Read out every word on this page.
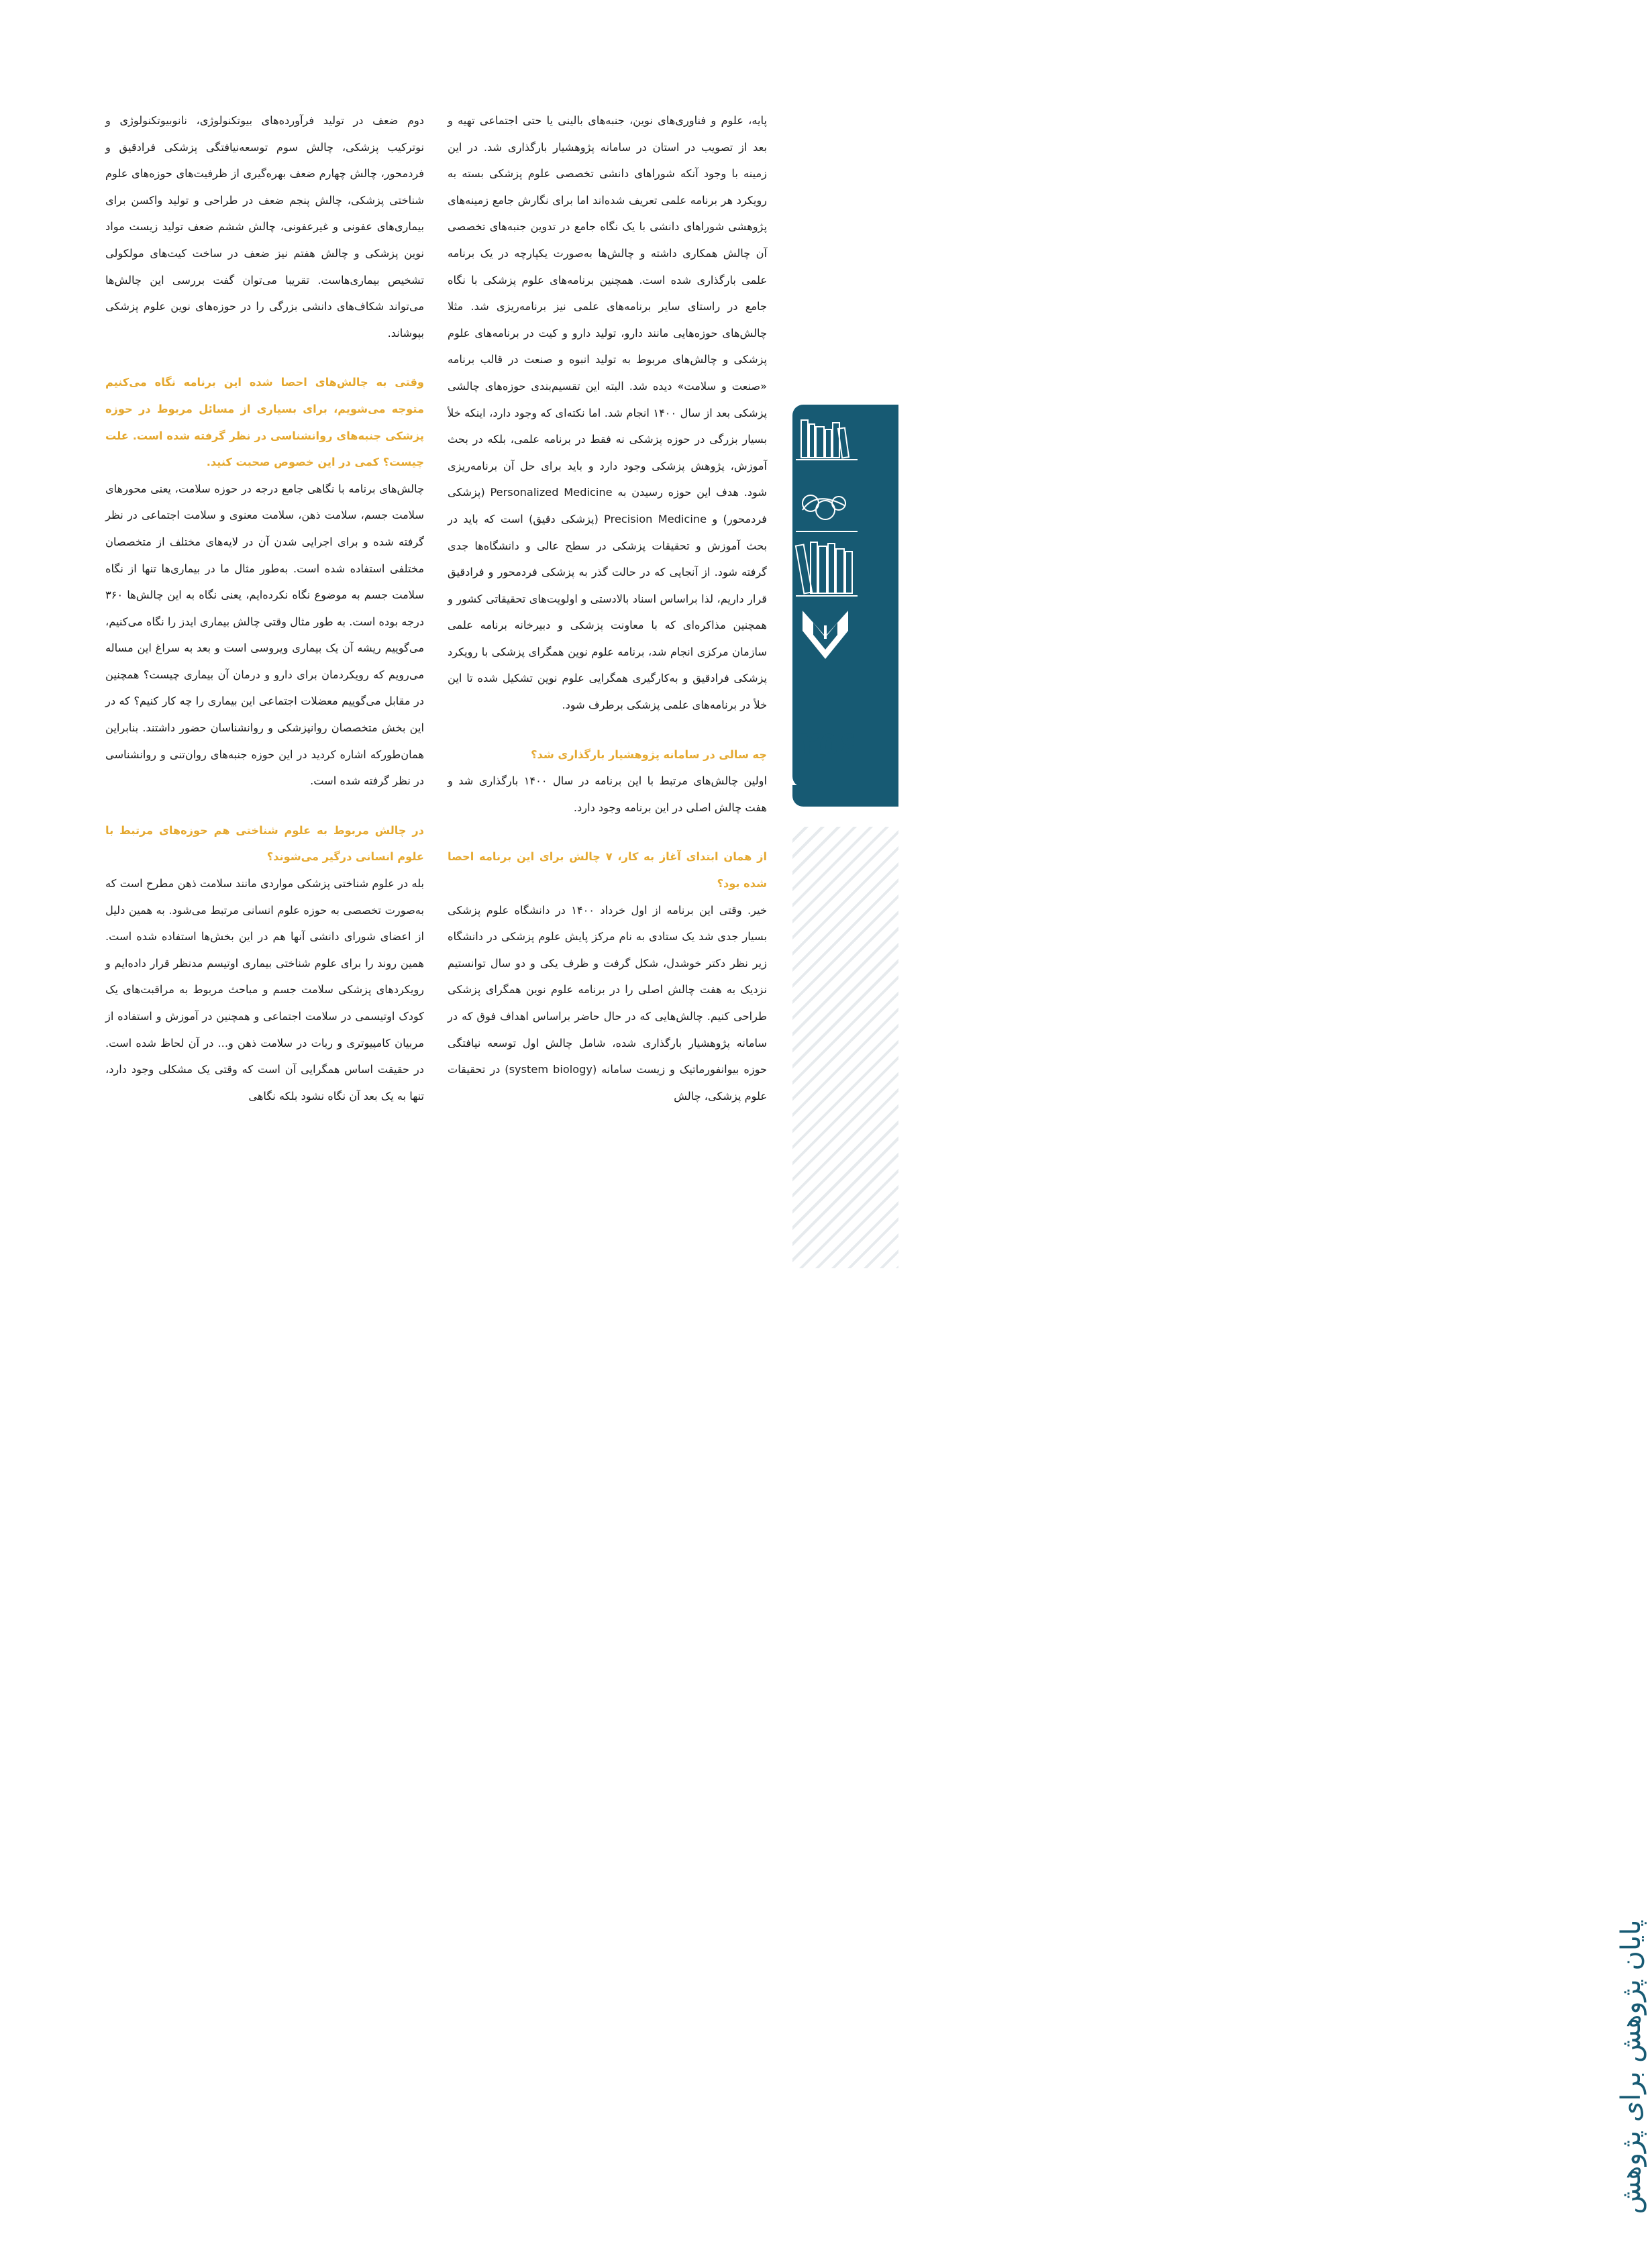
پایه، علوم و فناوری‌های نوین، جنبه‌های بالینی یا حتی اجتماعی تهیه و بعد از تصویب در استان در سامانه پژوهشیار بارگذاری شد. در این زمینه با وجود آنکه شوراهای دانشی تخصصی علوم پزشکی بسته به رویکرد هر برنامه علمی تعریف شده‌اند اما برای نگارش جامع زمینه‌های پژوهشی شوراهای دانشی با یک نگاه جامع در تدوین جنبه‌های تخصصی آن چالش همکاری داشته و چالش‌ها به‌صورت یکپارچه در یک برنامه علمی بارگذاری شده است. همچنین برنامه‌های علوم پزشکی با نگاه جامع در راستای سایر برنامه‌های علمی نیز برنامه‌ریزی شد. مثلا چالش‌های حوزه‌هایی مانند دارو، تولید دارو و کیت در برنامه‌های علوم پزشکی و چالش‌های مربوط به تولید انبوه و صنعت در قالب برنامه «صنعت و سلامت» دیده شد. البته این تقسیم‌بندی حوزه‌های چالشی پزشکی بعد از سال ۱۴۰۰ انجام شد. اما نکته‌ای که وجود دارد، اینکه خلأ بسیار بزرگی در حوزه پزشکی نه فقط در برنامه علمی، بلکه در بحث آموزش، پژوهش پزشکی وجود دارد و باید برای حل آن برنامه‌ریزی شود. هدف این حوزه رسیدن به Personalized Medicine (پزشکی فردمحور) و Precision Medicine (پزشکی دقیق) است که باید در بحث آموزش و تحقیقات پزشکی در سطح عالی و دانشگاه‌ها جدی گرفته شود. از آنجایی که در حالت گذر به پزشکی فردمحور و فرادقیق قرار داریم، لذا براساس اسناد بالادستی و اولویت‌های تحقیقاتی کشور و همچنین مذاکره‌ای که با معاونت پزشکی و دبیرخانه برنامه علمی سازمان مرکزی انجام شد، برنامه علوم نوین همگرای پزشکی با رویکرد پزشکی فرادقیق و به‌کارگیری همگرایی علوم نوین تشکیل شده تا این خلأ در برنامه‌های علمی پزشکی برطرف شود.

چه سالی در سامانه پژوهشیار بارگذاری شد؟

اولین چالش‌های مرتبط با این برنامه در سال ۱۴۰۰ بارگذاری شد و هفت چالش اصلی در این برنامه وجود دارد.

از همان ابتدای آغاز به کار، ۷ چالش برای این برنامه احصا شده بود؟

خیر. وقتی این برنامه از اول خرداد ۱۴۰۰ در دانشگاه علوم پزشکی بسیار جدی شد یک ستادی به نام مرکز پایش علوم پزشکی در دانشگاه زیر نظر دکتر خوشدل، شکل گرفت و ظرف یکی و دو سال توانستیم نزدیک به هفت چالش اصلی را در برنامه علوم نوین همگرای پزشکی طراحی کنیم. چالش‌هایی که در حال حاضر براساس اهداف فوق که در سامانه پژوهشیار بارگذاری شده، شامل چالش اول توسعه نیافتگی حوزه بیوانفورماتیک و زیست سامانه (system biology) در تحقیقات علوم پزشکی، چالش

دوم ضعف در تولید فرآورده‌های بیوتکنولوژی، نانوبیوتکنولوژی و نوترکیب پزشکی، چالش سوم توسعه‌نیافتگی پزشکی فرادقیق و فردمحور، چالش چهارم ضعف بهره‌گیری از ظرفیت‌های حوزه‌های علوم شناختی پزشکی، چالش پنجم ضعف در طراحی و تولید واکسن برای بیماری‌های عفونی و غیرعفونی، چالش ششم ضعف تولید زیست مواد نوین پزشکی و چالش هفتم نیز ضعف در ساخت کیت‌های مولکولی تشخیص بیماری‌هاست. تقریبا می‌توان گفت بررسی این چالش‌ها می‌تواند شکاف‌های دانشی بزرگی را در حوزه‌های نوین علوم پزشکی بپوشاند.

وقتی به چالش‌های احصا شده این برنامه نگاه می‌کنیم متوجه می‌شویم، برای بسیاری از مسائل مربوط در حوزه پزشکی جنبه‌های روانشناسی در نظر گرفته شده است. علت چیست؟ کمی در این خصوص صحبت کنید.

چالش‌های برنامه با نگاهی جامع درجه در حوزه سلامت، یعنی محورهای سلامت جسم، سلامت ذهن، سلامت معنوی و سلامت اجتماعی در نظر گرفته شده و برای اجرایی شدن آن در لایه‌های مختلف از متخصصان مختلفی استفاده شده است. به‌طور مثال ما در بیماری‌ها تنها از نگاه سلامت جسم به موضوع نگاه نکرده‌ایم، یعنی نگاه به این چالش‌ها ۳۶۰ درجه بوده است. به طور مثال وقتی چالش بیماری ایدز را نگاه می‌کنیم، می‌گوییم ریشه آن یک بیماری ویروسی است و بعد به سراغ این مساله می‌رویم که رویکردمان برای دارو و درمان آن بیماری چیست؟ همچنین در مقابل می‌گوییم معضلات اجتماعی این بیماری را چه کار کنیم؟ که در این بخش متخصصان روانپزشکی و روانشناسان حضور داشتند. بنابراین همان‌طورکه اشاره کردید در این حوزه جنبه‌های روان‌تنی و روانشناسی در نظر گرفته شده است.

در چالش مربوط به علوم شناختی هم حوزه‌های مرتبط با علوم انسانی درگیر می‌شوند؟

بله در علوم شناختی پزشکی مواردی مانند سلامت ذهن مطرح است که به‌صورت تخصصی به حوزه علوم انسانی مرتبط می‌شود. به همین دلیل از اعضای شورای دانشی آنها هم در این بخش‌ها استفاده شده است. همین روند را برای علوم شناختی بیماری اوتیسم مدنظر قرار داده‌ایم و رویکردهای پزشکی سلامت جسم و مباحث مربوط به مراقبت‌های یک کودک اوتیسمی در سلامت اجتماعی و همچنین در آموزش و استفاده از مربیان کامپیوتری و ربات در سلامت ذهن و... در آن لحاظ شده است. در حقیقت اساس همگرایی آن است که وقتی یک مشکلی وجود دارد، تنها به یک بعد آن نگاه نشود بلکه نگاهی

۲۵۶
پایان پژوهش برای پژوهش
